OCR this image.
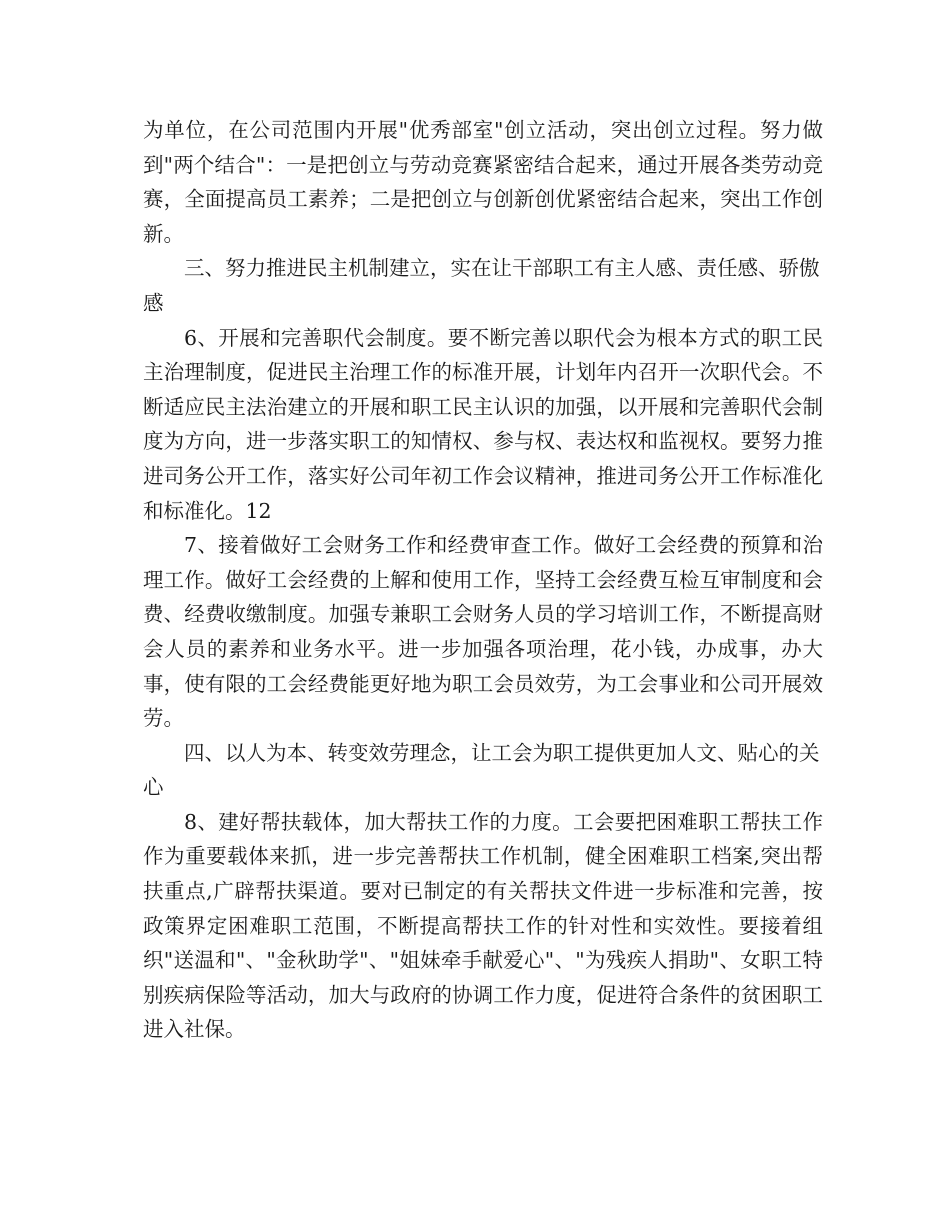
为单位，在公司范围内开展"优秀部室"创立活动，突出创立过程。努力做到"两个结合"：一是把创立与劳动竞赛紧密结合起来，通过开展各类劳动竞赛，全面提高员工素养；二是把创立与创新创优紧密结合起来，突出工作创新。

三、努力推进民主机制建立，实在让干部职工有主人感、责任感、骄傲感

6、开展和完善职代会制度。要不断完善以职代会为根本方式的职工民主治理制度，促进民主治理工作的标准开展，计划年内召开一次职代会。不断适应民主法治建立的开展和职工民主认识的加强，以开展和完善职代会制度为方向，进一步落实职工的知情权、参与权、表达权和监视权。要努力推进司务公开工作，落实好公司年初工作会议精神，推进司务公开工作标准化和标准化。12

7、接着做好工会财务工作和经费审查工作。做好工会经费的预算和治理工作。做好工会经费的上解和使用工作，坚持工会经费互检互审制度和会费、经费收缴制度。加强专兼职工会财务人员的学习培训工作，不断提高财会人员的素养和业务水平。进一步加强各项治理，花小钱，办成事，办大事，使有限的工会经费能更好地为职工会员效劳，为工会事业和公司开展效劳。

四、以人为本、转变效劳理念，让工会为职工提供更加人文、贴心的关心

8、建好帮扶载体，加大帮扶工作的力度。工会要把困难职工帮扶工作作为重要载体来抓，进一步完善帮扶工作机制，健全困难职工档案,突出帮扶重点,广辟帮扶渠道。要对已制定的有关帮扶文件进一步标准和完善，按政策界定困难职工范围，不断提高帮扶工作的针对性和实效性。要接着组织"送温和"、"金秋助学"、"姐妹牵手献爱心"、"为残疾人捐助"、女职工特别疾病保险等活动，加大与政府的协调工作力度，促进符合条件的贫困职工进入社保。
